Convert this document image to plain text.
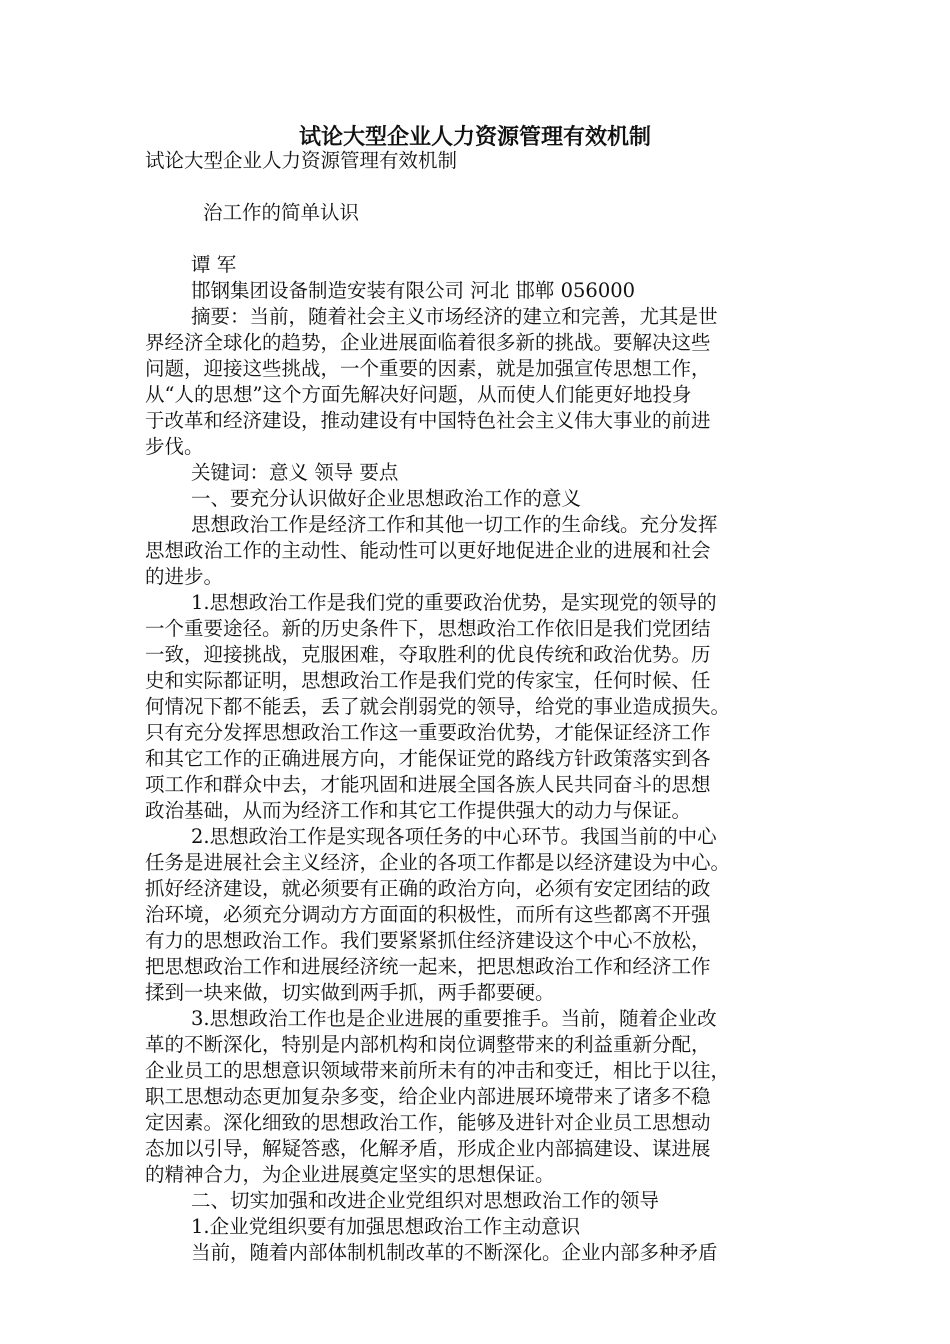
试论大型企业人力资源管理有效机制
试论大型企业人力资源管理有效机制
治工作的简单认识
谭 军
邯钢集团设备制造安装有限公司 河北 邯郸 056000
摘要：当前，随着社会主义市场经济的建立和完善，尤其是世
界经济全球化的趋势，企业进展面临着很多新的挑战。要解决这些
问题，迎接这些挑战，一个重要的因素，就是加强宣传思想工作，
从“人的思想”这个方面先解决好问题，从而使人们能更好地投身
于改革和经济建设，推动建设有中国特色社会主义伟大事业的前进
步伐。
关键词：意义 领导 要点
一、要充分认识做好企业思想政治工作的意义
思想政治工作是经济工作和其他一切工作的生命线。充分发挥
思想政治工作的主动性、能动性可以更好地促进企业的进展和社会
的进步。
1.思想政治工作是我们党的重要政治优势，是实现党的领导的
一个重要途径。新的历史条件下，思想政治工作依旧是我们党团结
一致，迎接挑战，克服困难，夺取胜利的优良传统和政治优势。历
史和实际都证明，思想政治工作是我们党的传家宝，任何时候、任
何情况下都不能丢，丢了就会削弱党的领导，给党的事业造成损失。
只有充分发挥思想政治工作这一重要政治优势，才能保证经济工作
和其它工作的正确进展方向，才能保证党的路线方针政策落实到各
项工作和群众中去，才能巩固和进展全国各族人民共同奋斗的思想
政治基础，从而为经济工作和其它工作提供强大的动力与保证。
2.思想政治工作是实现各项任务的中心环节。我国当前的中心
任务是进展社会主义经济，企业的各项工作都是以经济建设为中心。
抓好经济建设，就必须要有正确的政治方向，必须有安定团结的政
治环境，必须充分调动方方面面的积极性，而所有这些都离不开强
有力的思想政治工作。我们要紧紧抓住经济建设这个中心不放松，
把思想政治工作和进展经济统一起来，把思想政治工作和经济工作
揉到一块来做，切实做到两手抓，两手都要硬。
3.思想政治工作也是企业进展的重要推手。当前，随着企业改
革的不断深化，特别是内部机构和岗位调整带来的利益重新分配，
企业员工的思想意识领域带来前所未有的冲击和变迁，相比于以往，
职工思想动态更加复杂多变，给企业内部进展环境带来了诸多不稳
定因素。深化细致的思想政治工作，能够及进针对企业员工思想动
态加以引导，解疑答惑，化解矛盾，形成企业内部搞建设、谋进展
的精神合力，为企业进展奠定坚实的思想保证。
二、切实加强和改进企业党组织对思想政治工作的领导
1.企业党组织要有加强思想政治工作主动意识
当前，随着内部体制机制改革的不断深化。企业内部多种矛盾
